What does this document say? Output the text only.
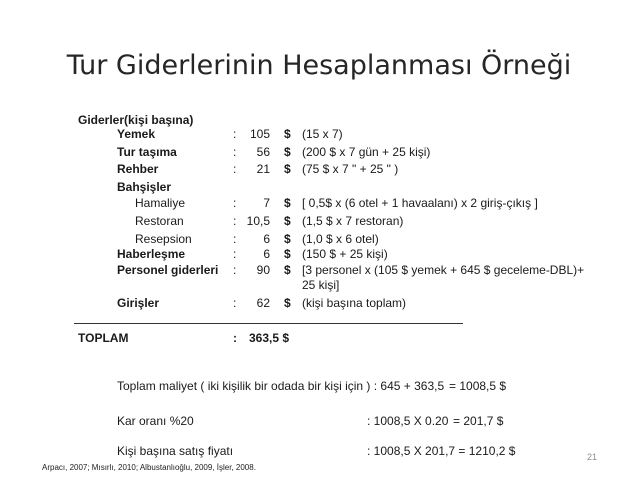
Tur Giderlerinin Hesaplanması Örneği
Giderler(kişi başına)
Yemek	:	105 $ (15 x 7)
Tur taşıma	:	56 $ (200 $ x 7 gün + 25 kişi)
Rehber	:	21 $ (75 $ x 7 " + 25 " )
Bahşişler
Hamaliye	:	7 $ [ 0,5$ x (6 otel + 1 havaalanı) x 2 giriş-çıkış ]
Restoran	: 10,5 $ (1,5 $ x 7 restoran)
Resepsion	:	6 $ (1,0 $ x 6 otel)
Haberleşme	:	6 $ (150 $ + 25 kişi)
Personel giderleri :	90 $ [3 personel x (105 $ yemek + 645 $ geceleme-DBL)+
25 kişi]
Girişler	:	62 $ (kişi başına toplam)
TOPLAM	: 363,5 $
Toplam maliyet ( iki kişilik bir odada bir kişi için ) : 645 + 363,5 = 1008,5 $
Kar oranı %20	: 1008,5 X 0.20 = 201,7 $
Kişi başına satış fiyatı	: 1008,5 X 201,7 = 1210,2 $	21
Arpacı, 2007; Mısırlı, 2010; Albustanlıoğlu, 2009, İşler, 2008.
